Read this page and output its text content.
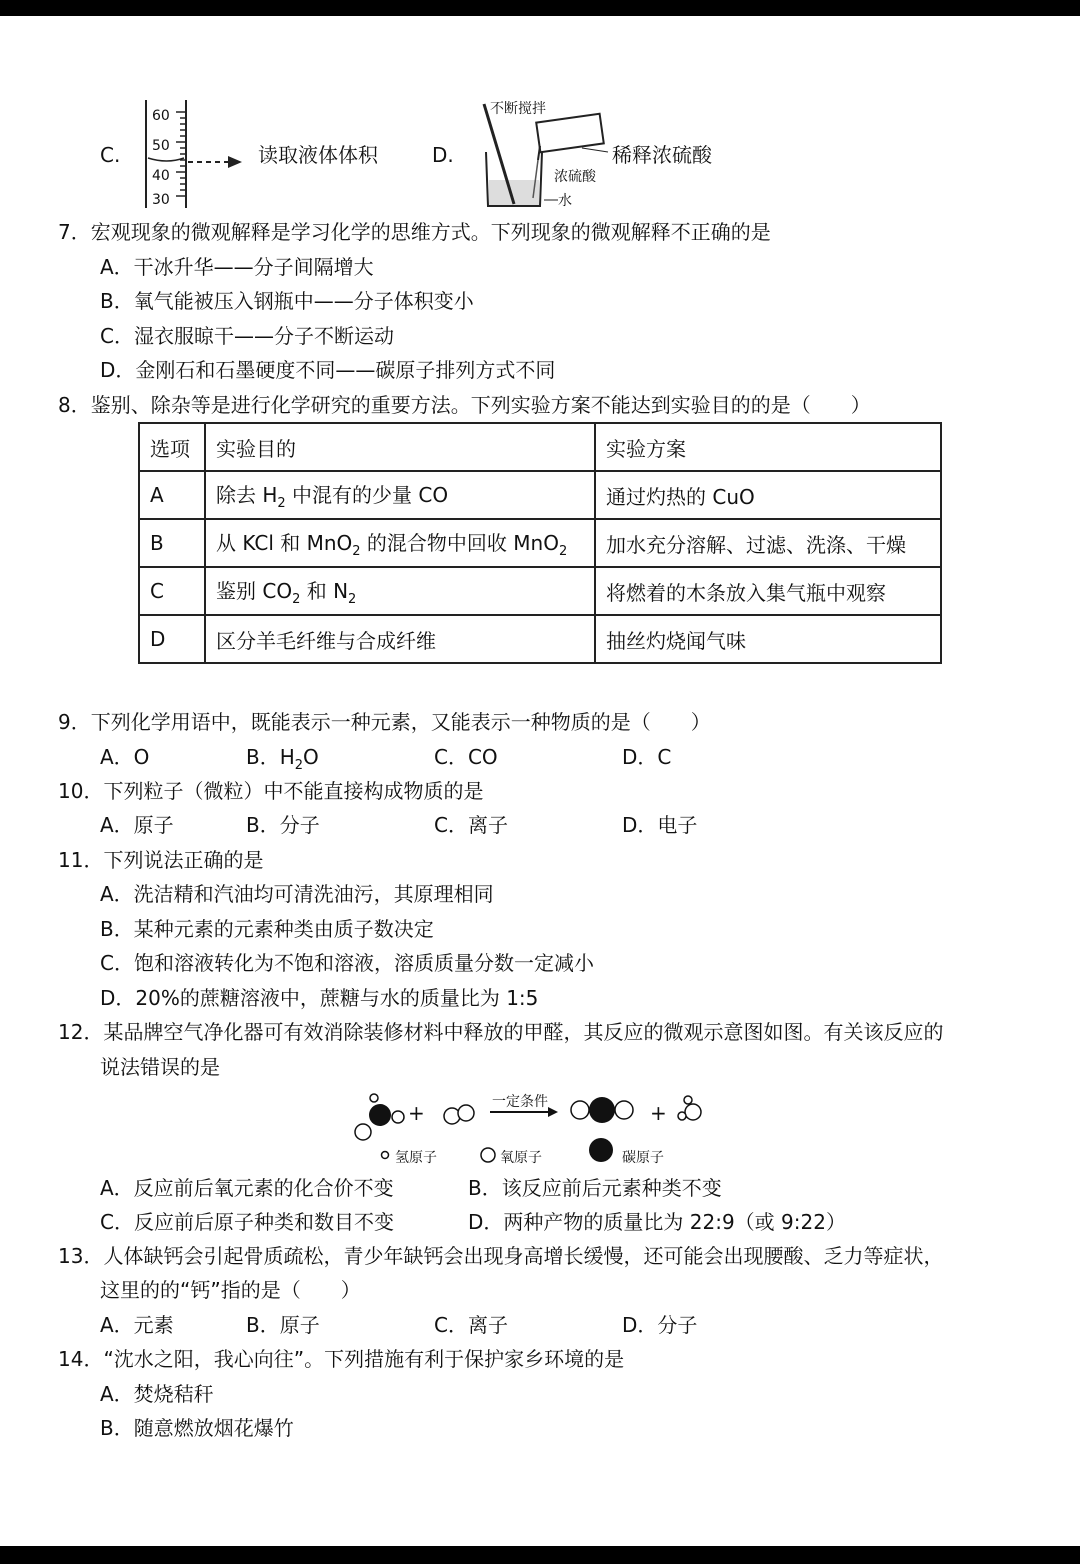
C.
60
50
40
30
读取液体体积	D.
不断搅拌
浓硫酸
水
稀释浓硫酸
7．宏观现象的微观解释是学习化学的思维方式。下列现象的微观解释不正确的是
A．干冰升华——分子间隔增大
B．氧气能被压入钢瓶中——分子体积变小
C．湿衣服晾干——分子不断运动
D．金刚石和石墨硬度不同——碳原子排列方式不同
8．鉴别、除杂等是进行化学研究的重要方法。下列实验方案不能达到实验目的的是（　　）
选项	实验目的	实验方案
A	除去 $H_2$ 中混有的少量 CO	通过灼热的 CuO
B	从 KCl 和 MnO$_2$ 的混合物中回收 MnO$_2$	加水充分溶解、过滤、洗涤、干燥
C	鉴别 $CO_2$ 和 $N_2$	将燃着的木条放入集气瓶中观察
D	区分羊毛纤维与合成纤维	抽丝灼烧闻气味
9．下列化学用语中，既能表示一种元素，又能表示一种物质的是（　　）
A．O	B．$H_2O$	C．CO	D．C
10．下列粒子（微粒）中不能直接构成物质的是
A．原子	B．分子	C．离子	D．电子
11．下列说法正确的是
A．洗洁精和汽油均可清洗油污，其原理相同
B．某种元素的元素种类由质子数决定
C．饱和溶液转化为不饱和溶液，溶质质量分数一定减小
D．20%的蔗糖溶液中，蔗糖与水的质量比为 1:5
12．某品牌空气净化器可有效消除装修材料中释放的甲醛，其反应的微观示意图如图。有关该反应的
说法错误的是
+	一定条件	+
氢原子	氧原子	碳原子
A．反应前后氧元素的化合价不变	B．该反应前后元素种类不变
C．反应前后原子种类和数目不变	D．两种产物的质量比为 22:9（或 9:22）
13．人体缺钙会引起骨质疏松，青少年缺钙会出现身高增长缓慢，还可能会出现腰酸、乏力等症状，
这里的的“钙”指的是（　　）
A．元素	B．原子	C．离子	D．分子
14．“沈水之阳，我心向往”。下列措施有利于保护家乡环境的是
A．焚烧秸秆
B．随意燃放烟花爆竹
